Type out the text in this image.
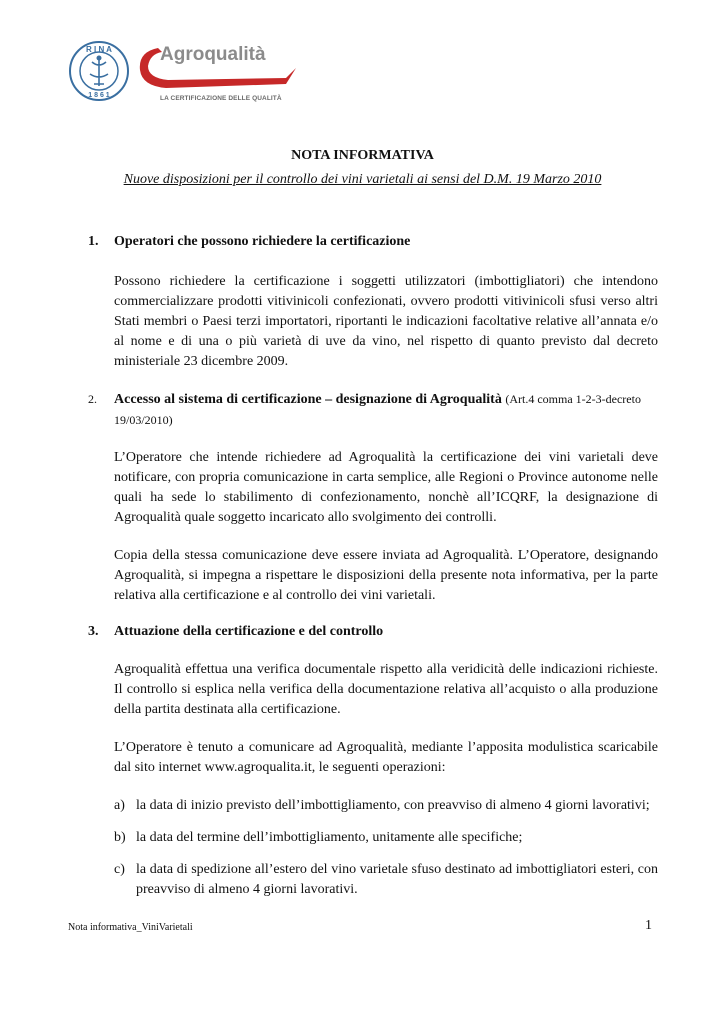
R I N A
1 8 6 1
Agroqualità
LA CERTIFICAZIONE DELLE QUALITÀ
NOTA INFORMATIVA
Nuove disposizioni per il controllo dei vini varietali ai sensi del D.M. 19 Marzo 2010
1. Operatori che possono richiedere la certificazione
Possono richiedere la certificazione i soggetti utilizzatori (imbottigliatori) che intendono commercializzare prodotti vitivinicoli confezionati, ovvero prodotti vitivinicoli sfusi verso altri Stati membri o Paesi terzi importatori, riportanti le indicazioni facoltative relative all’annata e/o al nome e di una o più varietà di uve da vino, nel rispetto di quanto previsto dal decreto ministeriale 23 dicembre 2009.
2. Accesso al sistema di certificazione – designazione di Agroqualità (Art.4 comma 1-2-3-decreto 19/03/2010)
L’Operatore che intende richiedere ad Agroqualità la certificazione dei vini varietali deve notificare, con propria comunicazione in carta semplice, alle Regioni o Province autonome nelle quali ha sede lo stabilimento di confezionamento, nonchè all’ICQRF, la designazione di Agroqualità quale soggetto incaricato allo svolgimento dei controlli.
Copia della stessa comunicazione deve essere inviata ad Agroqualità. L’Operatore, designando Agroqualità, si impegna a rispettare le disposizioni della presente nota informativa, per la parte relativa alla certificazione e al controllo dei vini varietali.
3. Attuazione della certificazione e del controllo
Agroqualità effettua una verifica documentale rispetto alla veridicità delle indicazioni richieste. Il controllo si esplica nella verifica della documentazione relativa all’acquisto o alla produzione della partita destinata alla certificazione.
L’Operatore è tenuto a comunicare ad Agroqualità, mediante l’apposita modulistica scaricabile dal sito internet www.agroqualita.it, le seguenti operazioni:
a) la data di inizio previsto dell’imbottigliamento, con preavviso di almeno 4 giorni lavorativi;
b) la data del termine dell’imbottigliamento, unitamente alle specifiche;
c) la data di spedizione all’estero del vino varietale sfuso destinato ad imbottigliatori esteri, con preavviso di almeno 4 giorni lavorativi.
Nota informativa_ViniVarietali	1
